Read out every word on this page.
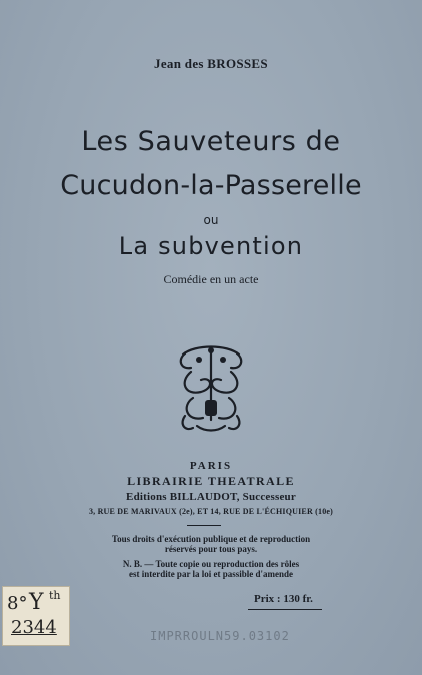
Jean des BROSSES
Les Sauveteurs de
Cucudon-la-Passerelle
ou
La subvention
Comédie en un acte
PARIS
LIBRAIRIE THEATRALE
Editions BILLAUDOT, Successeur
3, RUE DE MARIVAUX (2e), ET 14, RUE DE L'ÉCHIQUIER (10e)
Tous droits d'exécution publique et de reproduction
réservés pour tous pays.
N. B. — Toute copie ou reproduction des rôles
est interdite par la loi et passible d'amende
Prix : 130 fr.
8° Y th
2344	IMPRROULN59.03102
